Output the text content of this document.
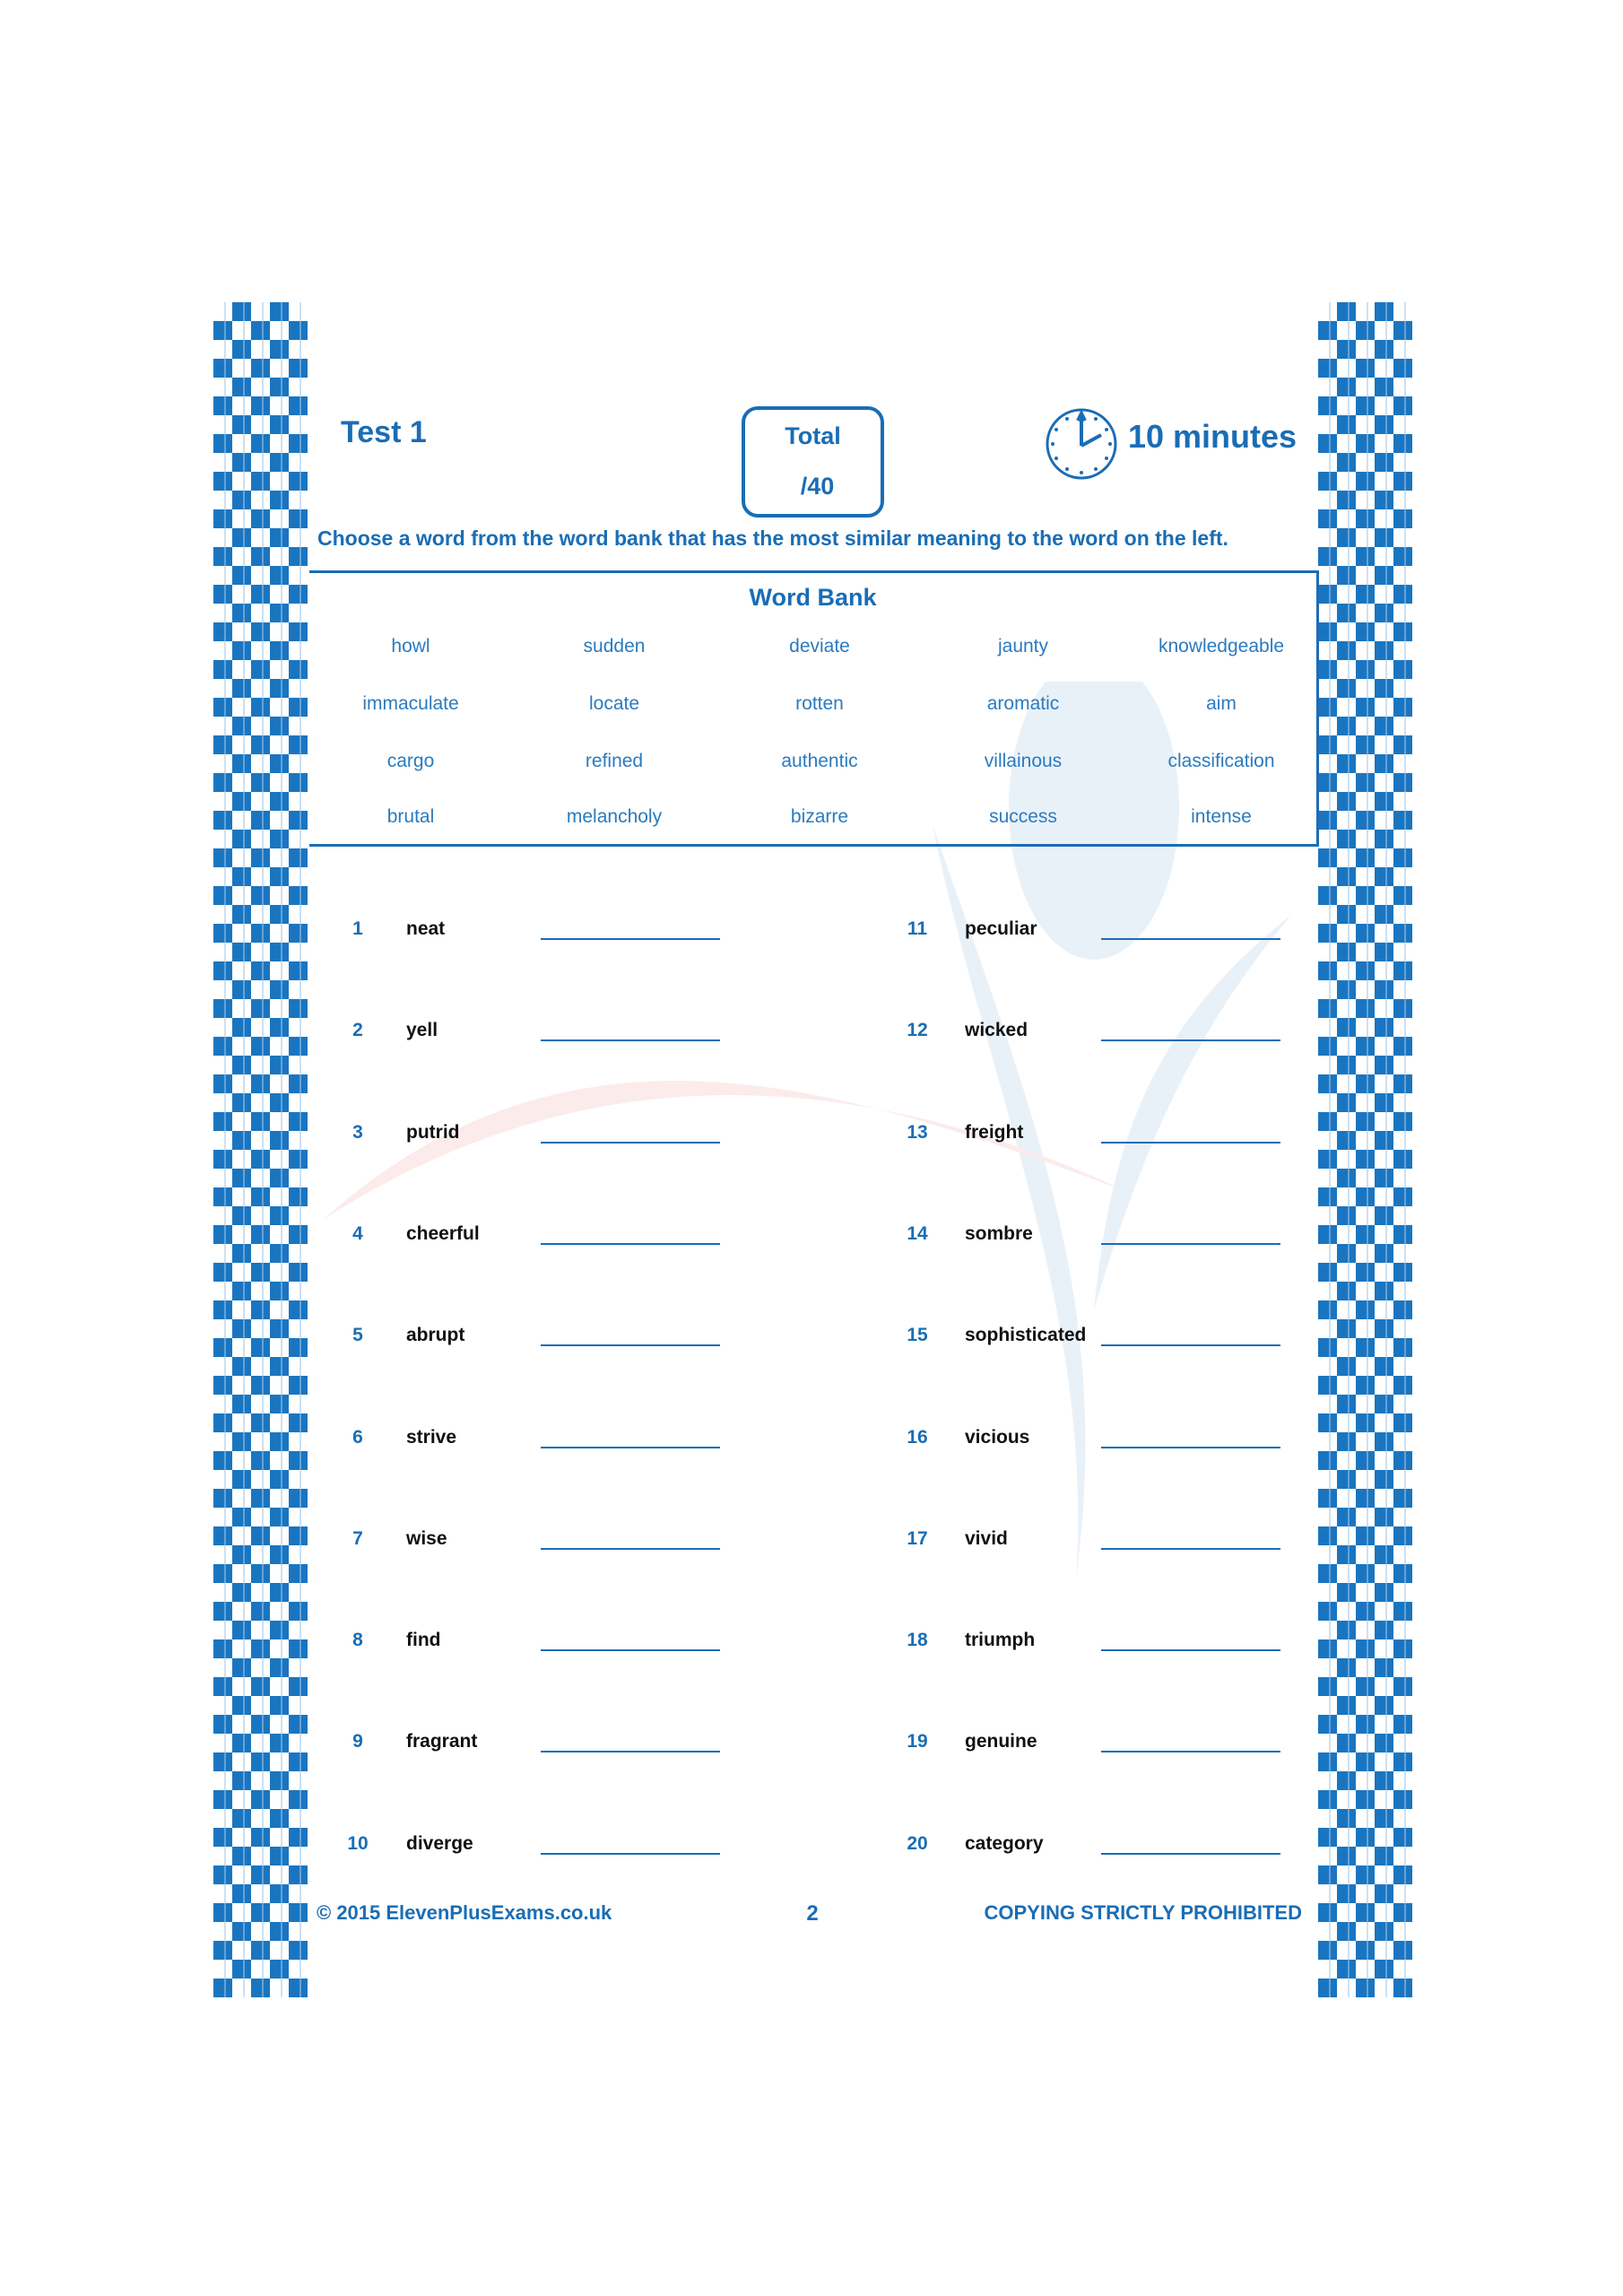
Test 1	Total
/40
10 minutes
Choose a word from the word bank that has the most similar meaning to the word on the left.
Word Bank
howl	sudden	deviate	jaunty	knowledgeable
immaculate	locate	rotten	aromatic	aim
cargo	refined	authentic	villainous	classification
brutal	melancholy	bizarre	success	intense
1	neat
2	yell
3	putrid
4	cheerful
5	abrupt
6	strive
7	wise
8	find
9	fragrant
10	diverge
11	peculiar
12	wicked
13	freight
14	sombre
15	sophisticated
16	vicious
17	vivid
18	triumph
19	genuine
20	category
© 2015 ElevenPlusExams.co.uk	2	COPYING STRICTLY PROHIBITED
